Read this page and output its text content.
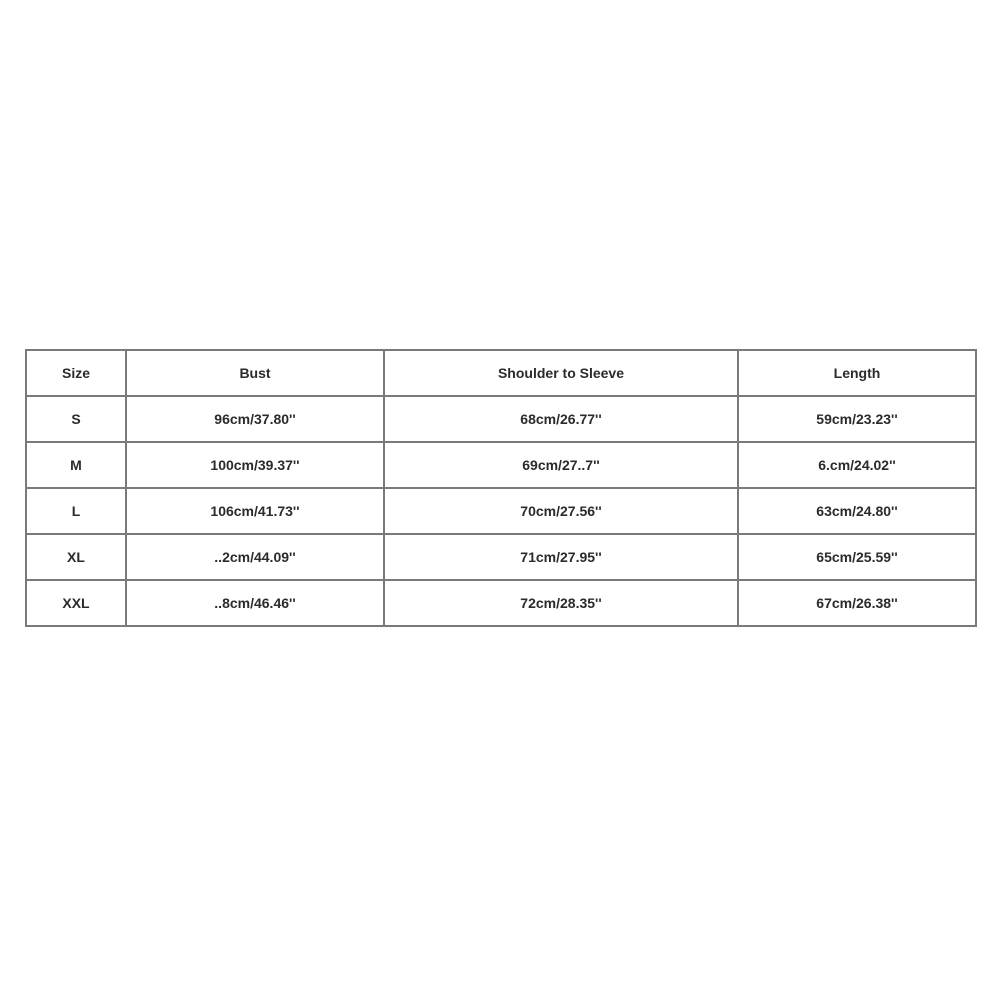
Size	Bust	Shoulder to Sleeve	Length
S	96cm/37.80''	68cm/26.77''	59cm/23.23''
M	100cm/39.37''	69cm/27..7''	6.cm/24.02''
L	106cm/41.73''	70cm/27.56''	63cm/24.80''
XL	..2cm/44.09''	71cm/27.95''	65cm/25.59''
XXL	..8cm/46.46''	72cm/28.35''	67cm/26.38''
